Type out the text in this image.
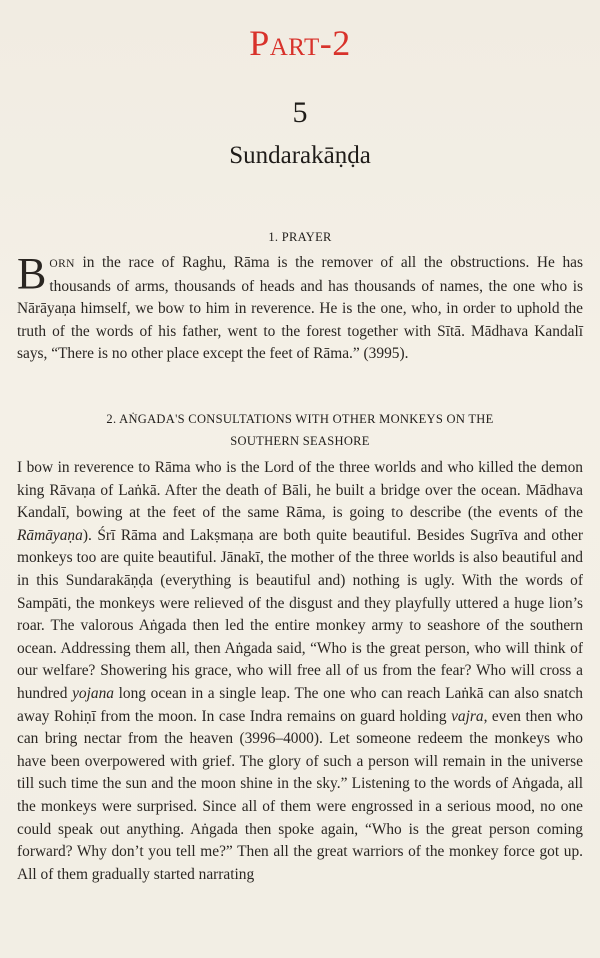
Part-2
5
Sundarakāṇḍa
1. PRAYER
BORN in the race of Raghu, Rāma is the remover of all the obstructions. He has thousands of arms, thousands of heads and has thousands of names, the one who is Nārāyaṇa himself, we bow to him in reverence. He is the one, who, in order to uphold the truth of the words of his father, went to the forest together with Sītā. Mādhava Kandalī says, “There is no other place except the feet of Rāma.” (3995).
2. AṄGADA'S CONSULTATIONS WITH OTHER MONKEYS ON THE
SOUTHERN SEASHORE
I bow in reverence to Rāma who is the Lord of the three worlds and who killed the demon king Rāvaṇa of Laṅkā. After the death of Bāli, he built a bridge over the ocean. Mādhava Kandalī, bowing at the feet of the same Rāma, is going to describe (the events of the Rāmāyaṇa). Śrī Rāma and Lakṣmaṇa are both quite beautiful. Besides Sugrīva and other monkeys too are quite beautiful. Jānakī, the mother of the three worlds is also beautiful and in this Sundarakāṇḍa (everything is beautiful and) nothing is ugly. With the words of Sampāti, the monkeys were relieved of the disgust and they playfully uttered a huge lion’s roar. The valorous Aṅgada then led the entire monkey army to seashore of the southern ocean. Addressing them all, then Aṅgada said, “Who is the great person, who will think of our welfare? Showering his grace, who will free all of us from the fear? Who will cross a hundred yojana long ocean in a single leap. The one who can reach Laṅkā can also snatch away Rohiṇī from the moon. In case Indra remains on guard holding vajra, even then who can bring nectar from the heaven (3996–4000). Let someone redeem the monkeys who have been overpowered with grief. The glory of such a person will remain in the universe till such time the sun and the moon shine in the sky.” Listening to the words of Aṅgada, all the monkeys were surprised. Since all of them were engrossed in a serious mood, no one could speak out anything. Aṅgada then spoke again, “Who is the great person coming forward? Why don’t you tell me?” Then all the great warriors of the monkey force got up. All of them gradually started narrating
